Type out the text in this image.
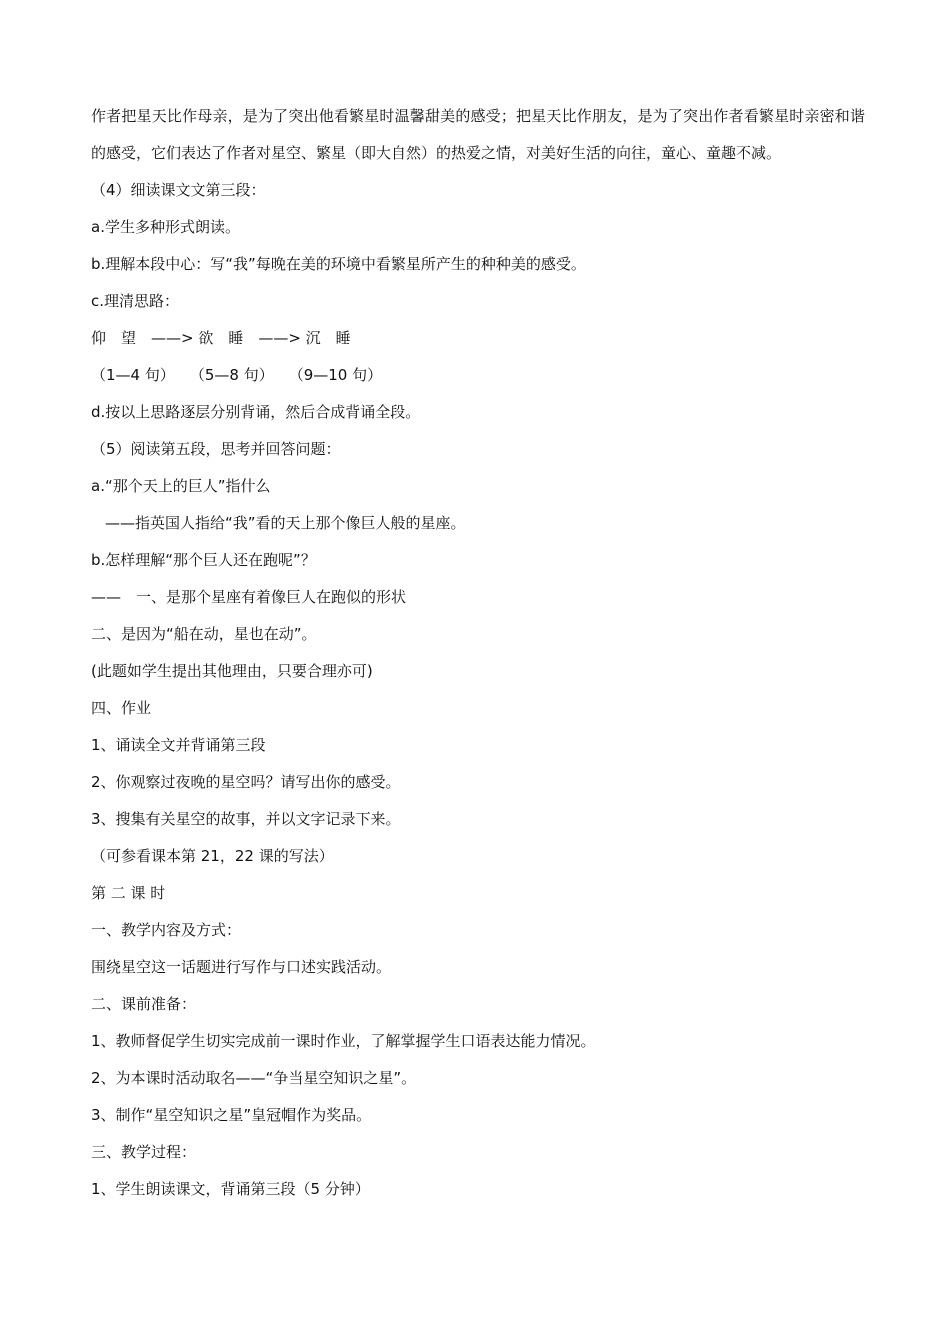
作者把星天比作母亲，是为了突出他看繁星时温馨甜美的感受；把星天比作朋友，是为了突出作者看繁星时亲密和谐的感受，它们表达了作者对星空、繁星（即大自然）的热爱之情，对美好生活的向往，童心、童趣不减。
（4）细读课文文第三段：
a.学生多种形式朗读。
b.理解本段中心：写“我”每晚在美的环境中看繁星所产生的种种美的感受。
c.理清思路：
仰　望　——> 欲　睡　——> 沉　睡
（1—4 句）　　（5—8 句）　　（9—10 句）
d.按以上思路逐层分别背诵，然后合成背诵全段。
（5）阅读第五段，思考并回答问题：
a.“那个天上的巨人”指什么
——指英国人指给“我”看的天上那个像巨人般的星座。
b.怎样理解“那个巨人还在跑呢”？
——　一、是那个星座有着像巨人在跑似的形状
二、是因为“船在动，星也在动”。
(此题如学生提出其他理由，只要合理亦可)
四、作业
1、诵读全文并背诵第三段
2、你观察过夜晚的星空吗？请写出你的感受。
3、搜集有关星空的故事，并以文字记录下来。
（可参看课本第 21，22 课的写法）
第 二 课 时
一、教学内容及方式：
围绕星空这一话题进行写作与口述实践活动。
二、课前准备：
1、教师督促学生切实完成前一课时作业，了解掌握学生口语表达能力情况。
2、为本课时活动取名——“争当星空知识之星”。
3、制作“星空知识之星”皇冠帽作为奖品。
三、教学过程：
1、学生朗读课文，背诵第三段（5 分钟）
